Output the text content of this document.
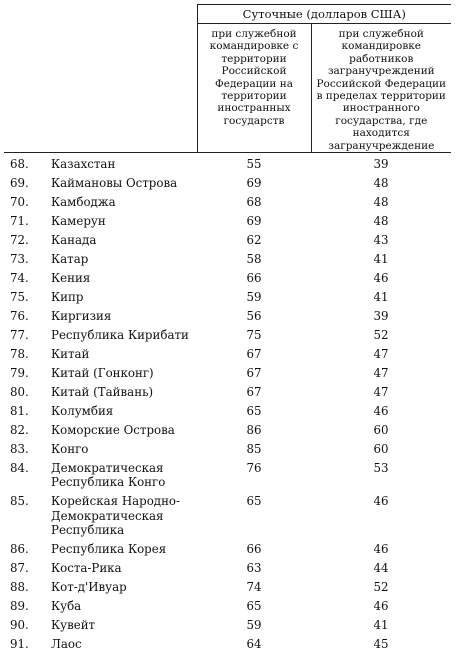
		Суточные (долларов США)	
		при служебной командировке с территории Российской Федерации на территории иностранных государств	при служебной командировке работников загранучреждений Российской Федерации в пределах территории иностранного государства, где находится загранучреждение
68.	Казахстан	55	39
69.	Каймановы Острова	69	48
70.	Камбоджа	68	48
71.	Камерун	69	48
72.	Канада	62	43
73.	Катар	58	41
74.	Кения	66	46
75.	Кипр	59	41
76.	Киргизия	56	39
77.	Республика Кирибати	75	52
78.	Китай	67	47
79.	Китай (Гонконг)	67	47
80.	Китай (Тайвань)	67	47
81.	Колумбия	65	46
82.	Коморские Острова	86	60
83.	Конго	85	60
84.	Демократическая Республика Конго	76	53
85.	Корейская Народно-Демократическая Республика	65	46
86.	Республика Корея	66	46
87.	Коста-Рика	63	44
88.	Кот-д'Ивуар	74	52
89.	Куба	65	46
90.	Кувейт	59	41
91.	Лаос	64	45
